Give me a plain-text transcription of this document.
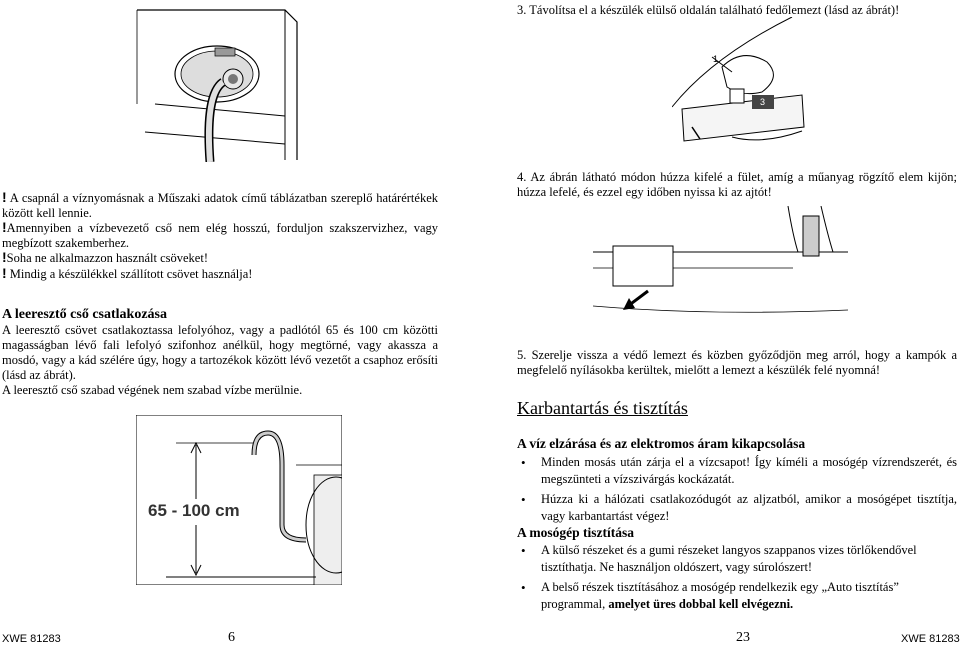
! A csapnál a víznyomásnak a Műszaki adatok című táblázatban szereplő határértékek között kell lennie.
!Amennyiben a vízbevezető cső nem elég hosszú, forduljon szakszervizhez, vagy megbízott szakemberhez.
!Soha ne alkalmazzon használt csöveket!
! Mindig a készülékkel szállított csövet használja!
A leeresztő cső csatlakozása
A leeresztő csövet csatlakoztassa lefolyóhoz, vagy a padlótól 65 és 100 cm közötti magasságban lévő fali lefolyó szifonhoz anélkül, hogy megtörné, vagy akassza a mosdó, vagy a kád szélére úgy, hogy a tartozékok között lévő vezetőt a csaphoz erősíti (lásd az ábrát).
A leeresztő cső szabad végének nem szabad vízbe merülnie.
65 - 100 cm
3. Távolítsa el a készülék elülső oldalán található fedőlemezt (lásd az ábrát)!
1
2 3
4. Az ábrán látható módon húzza kifelé a fület, amíg a műanyag rögzítő elem kijön; húzza lefelé, és ezzel egy időben nyissa ki az ajtót!
5. Szerelje vissza a védő lemezt és közben győződjön meg arról, hogy a kampók a megfelelő nyílásokba kerültek, mielőtt a lemezt a készülék felé nyomná!
Karbantartás és tisztítás
A víz elzárása és az elektromos áram kikapcsolása
• Minden mosás után zárja el a vízcsapot! Így kíméli a mosógép vízrendszerét, és megszünteti a vízszivárgás kockázatát.
• Húzza ki a hálózati csatlakozódugót az aljzatból, amikor a mosógépet tisztítja, vagy karbantartást végez!
A mosógép tisztítása
• A külső részeket és a gumi részeket langyos szappanos vizes törlőkendővel tisztíthatja. Ne használjon oldószert, vagy súrolószert!
• A belső részek tisztításához a mosógép rendelkezik egy „Auto tisztítás” programmal, amelyet üres dobbal kell elvégezni.
XWE 81283	6	23	XWE 81283
